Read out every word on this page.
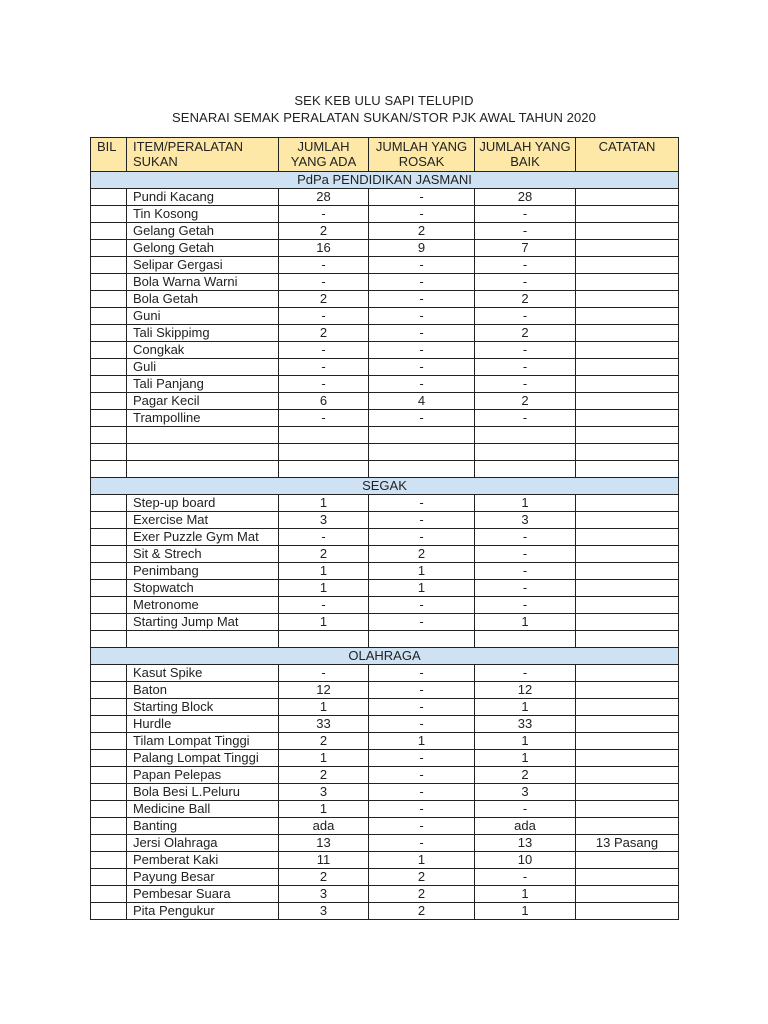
SEK KEB ULU SAPI TELUPID
SENARAI SEMAK PERALATAN SUKAN/STOR PJK AWAL TAHUN 2020
BIL	ITEM/PERALATAN SUKAN	JUMLAH YANG ADA	JUMLAH YANG ROSAK	JUMLAH YANG BAIK	CATATAN
PdPa PENDIDIKAN JASMANI					
	Pundi Kacang	28	-	28	
	Tin Kosong	-	-	-	
	Gelang Getah	2	2	-	
	Gelong Getah	16	9	7	
	Selipar Gergasi	-	-	-	
	Bola Warna Warni	-	-	-	
	Bola Getah	2	-	2	
	Guni	-	-	-	
	Tali Skippimg	2	-	2	
	Congkak	-	-	-	
	Guli	-	-	-	
	Tali Panjang	-	-	-	
	Pagar Kecil	6	4	2	
	Trampolline	-	-	-	

SEGAK					
	Step-up board	1	-	1	
	Exercise Mat	3	-	3	
	Exer Puzzle Gym Mat	-	-	-	
	Sit & Strech	2	2	-	
	Penimbang	1	1	-	
	Stopwatch	1	1	-	
	Metronome	-	-	-	
	Starting Jump Mat	1	-	1	

OLAHRAGA					
	Kasut Spike	-	-	-	
	Baton	12	-	12	
	Starting Block	1	-	1	
	Hurdle	33	-	33	
	Tilam Lompat Tinggi	2	1	1	
	Palang Lompat Tinggi	1	-	1	
	Papan Pelepas	2	-	2	
	Bola Besi L.Peluru	3	-	3	
	Medicine Ball	1	-	-	
	Banting	ada	-	ada	
	Jersi Olahraga	13	-	13	13 Pasang
	Pemberat Kaki	11	1	10	
	Payung Besar	2	2	-	
	Pembesar Suara	3	2	1	
	Pita Pengukur	3	2	1	
